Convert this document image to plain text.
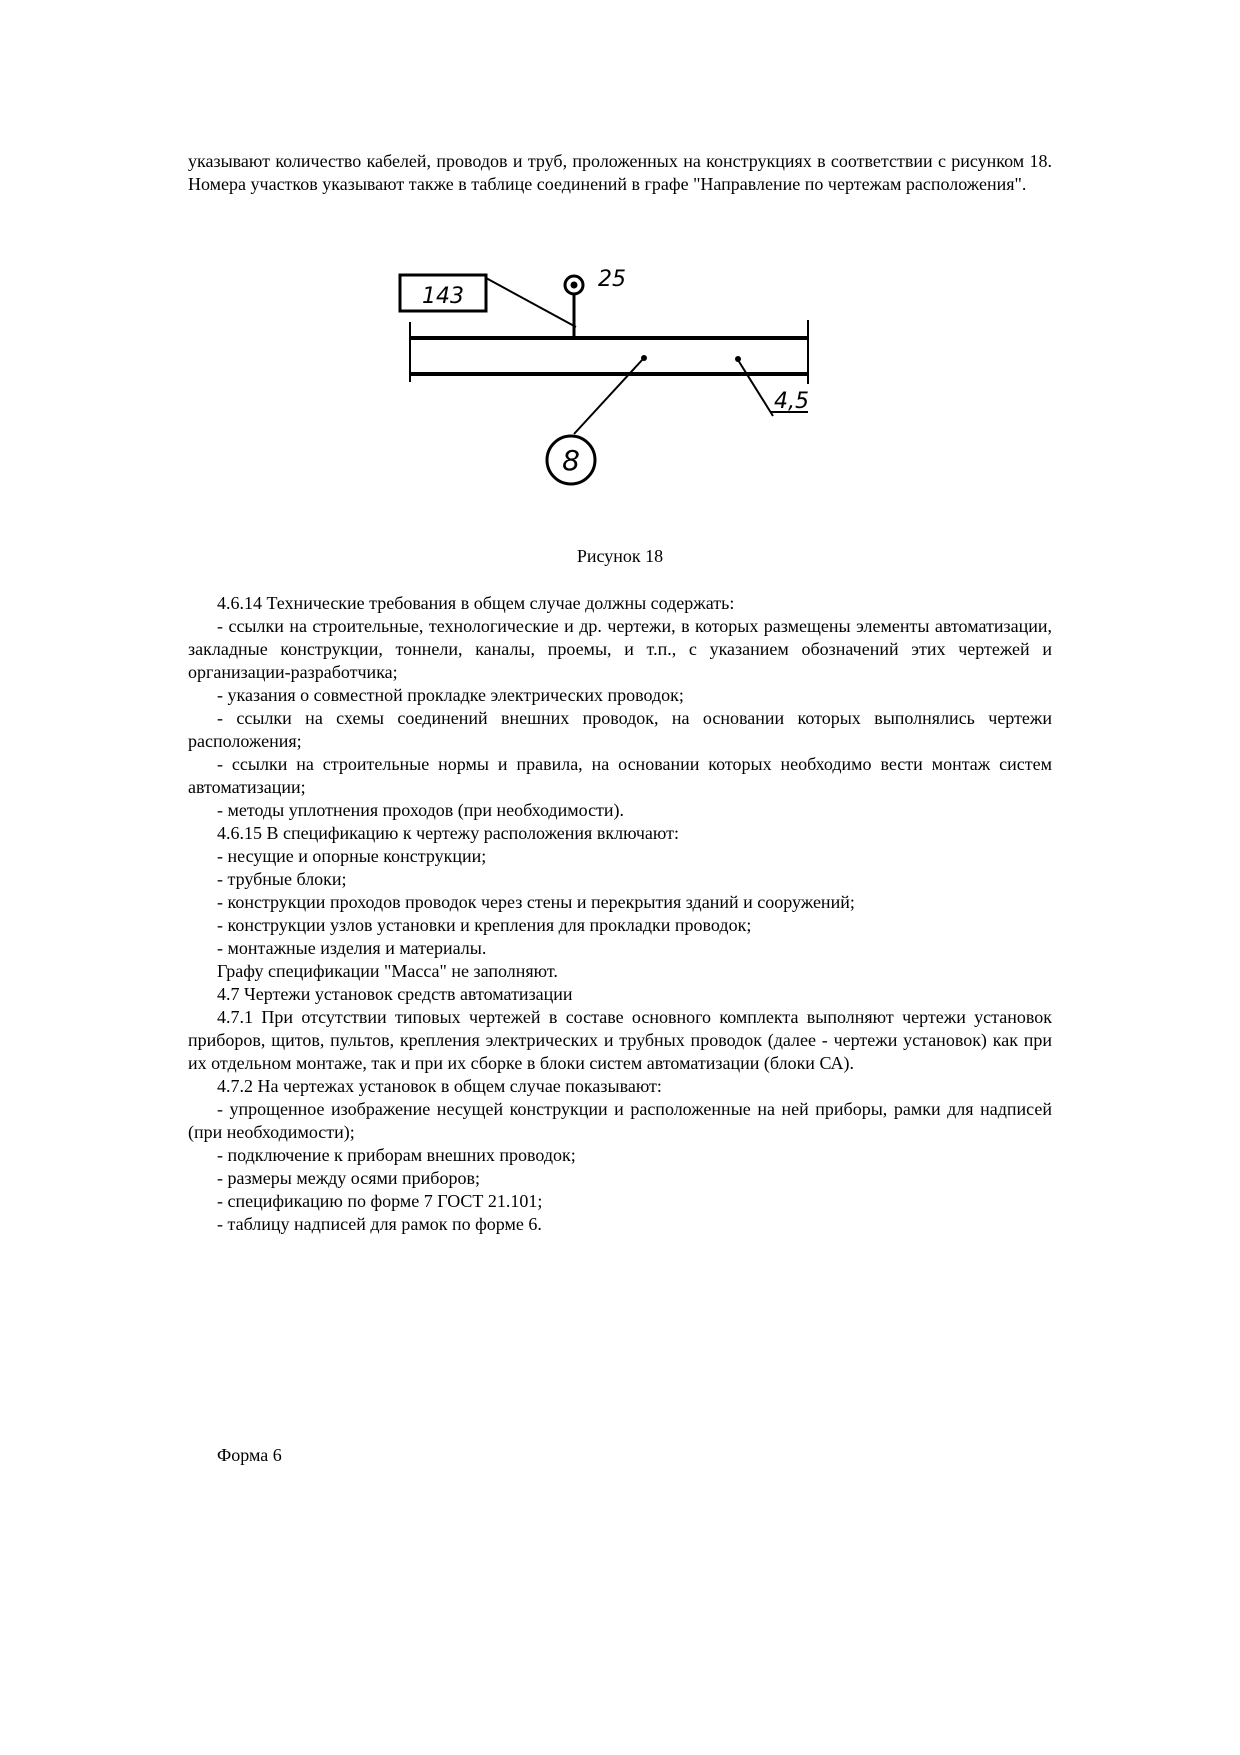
указывают количество кабелей, проводов и труб, проложенных на конструкциях в соответствии с рисунком 18. Номера участков указывают также в таблице соединений в графе "Направление по чертежам расположения".

143
25
8
4,5
Рисунок 18

4.6.14 Технические требования в общем случае должны содержать:

- ссылки на строительные, технологические и др. чертежи, в которых размещены элементы автоматизации, закладные конструкции, тоннели, каналы, проемы, и т.п., с указанием обозначений этих чертежей и организации-разработчика;

- указания о совместной прокладке электрических проводок;

- ссылки на схемы соединений внешних проводок, на основании которых выполнялись чертежи расположения;

- ссылки на строительные нормы и правила, на основании которых необходимо вести монтаж систем автоматизации;

- методы уплотнения проходов (при необходимости).

4.6.15 В спецификацию к чертежу расположения включают:

- несущие и опорные конструкции;

- трубные блоки;

- конструкции проходов проводок через стены и перекрытия зданий и сооружений;

- конструкции узлов установки и крепления для прокладки проводок;

- монтажные изделия и материалы.

Графу спецификации "Масса" не заполняют.

4.7 Чертежи установок средств автоматизации

4.7.1 При отсутствии типовых чертежей в составе основного комплекта выполняют чертежи установок приборов, щитов, пультов, крепления электрических и трубных проводок (далее - чертежи установок) как при их отдельном монтаже, так и при их сборке в блоки систем автоматизации (блоки СА).

4.7.2 На чертежах установок в общем случае показывают:

- упрощенное изображение несущей конструкции и расположенные на ней приборы, рамки для надписей (при необходимости);

- подключение к приборам внешних проводок;

- размеры между осями приборов;

- спецификацию по форме 7 ГОСТ 21.101;

- таблицу надписей для рамок по форме 6.

Форма 6
